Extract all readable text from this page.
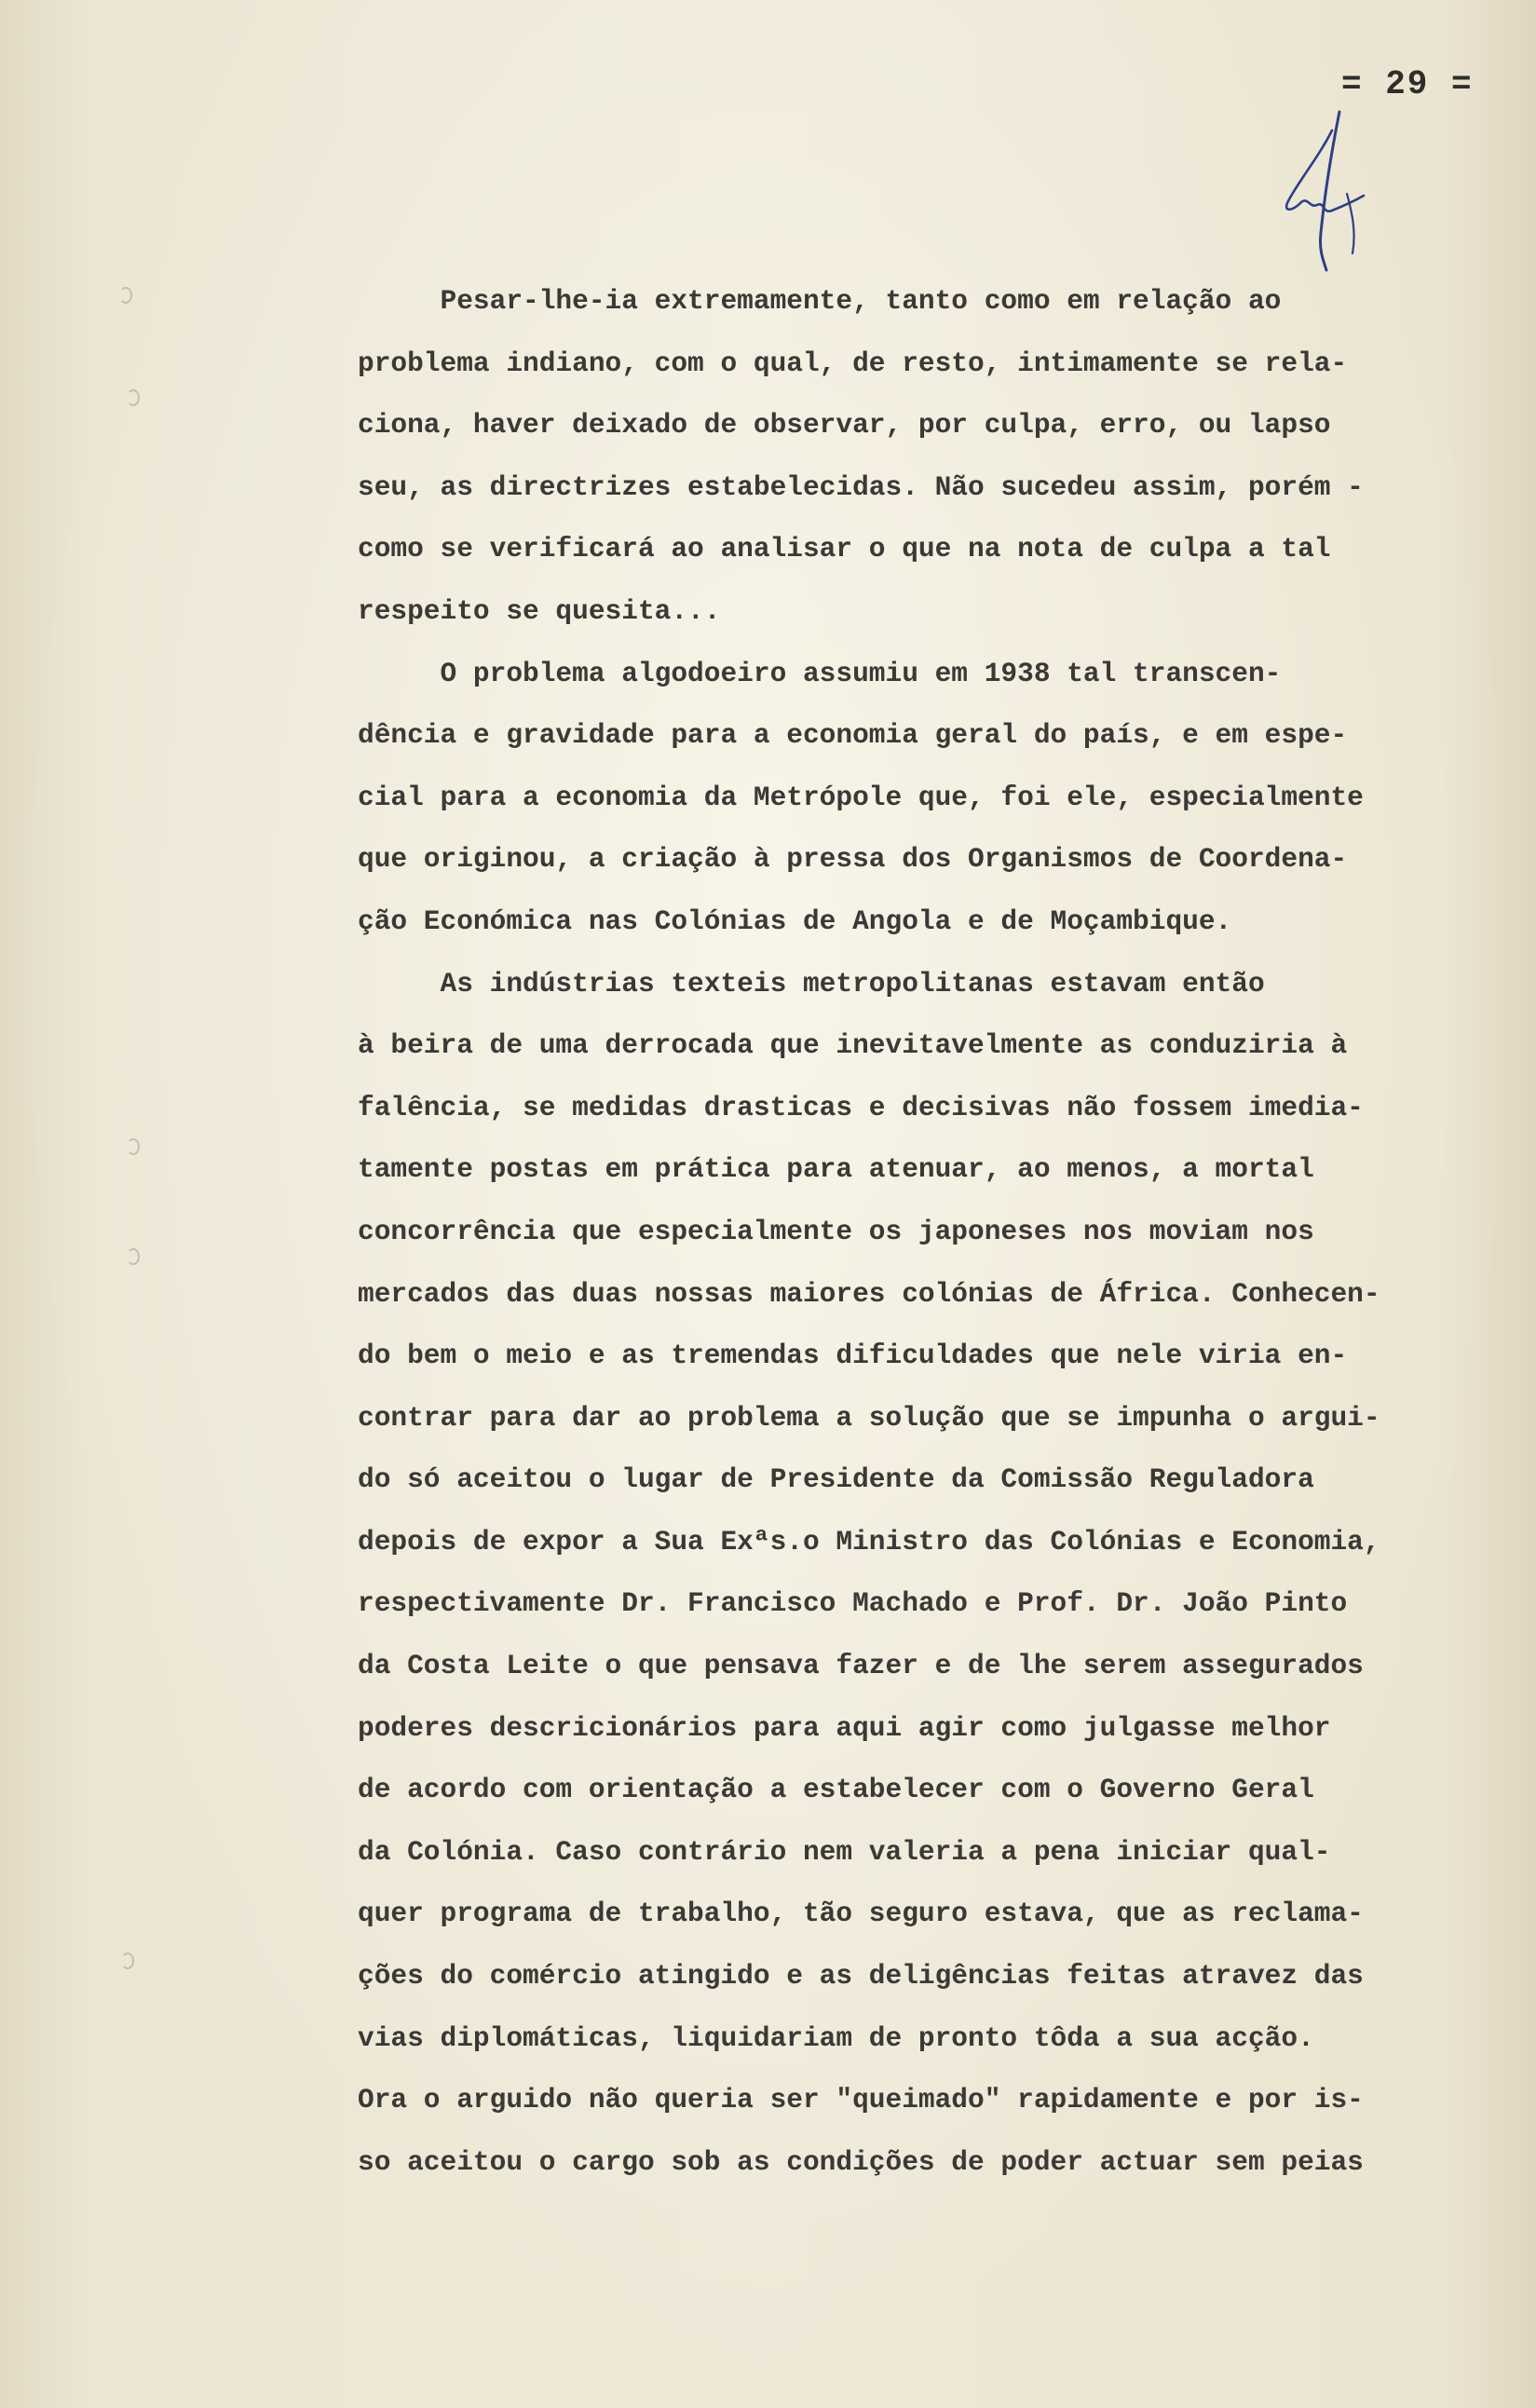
= 29 =
Pesar-lhe-ia extremamente, tanto como em relação ao
problema indiano, com o qual, de resto, intimamente se rela-
ciona, haver deixado de observar, por culpa, erro, ou lapso
seu, as directrizes estabelecidas. Não sucedeu assim, porém -
como se verificará ao analisar o que na nota de culpa a tal
respeito se quesita...
O problema algodoeiro assumiu em 1938 tal transcen-
dência e gravidade para a economia geral do país, e em espe-
cial para a economia da Metrópole que, foi ele, especialmente
que originou, a criação à pressa dos Organismos de Coordena-
ção Económica nas Colónias de Angola e de Moçambique.
As indústrias texteis metropolitanas estavam então
à beira de uma derrocada que inevitavelmente as conduziria à
falência, se medidas drasticas e decisivas não fossem imedia-
tamente postas em prática para atenuar, ao menos, a mortal
concorrência que especialmente os japoneses nos moviam nos
mercados das duas nossas maiores colónias de África. Conhecen-
do bem o meio e as tremendas dificuldades que nele viria en-
contrar para dar ao problema a solução que se impunha o argui-
do só aceitou o lugar de Presidente da Comissão Reguladora
depois de expor a Sua Exªs.o Ministro das Colónias e Economia,
respectivamente Dr. Francisco Machado e Prof. Dr. João Pinto
da Costa Leite o que pensava fazer e de lhe serem assegurados
poderes descricionários para aqui agir como julgasse melhor
de acordo com orientação a estabelecer com o Governo Geral
da Colónia. Caso contrário nem valeria a pena iniciar qual-
quer programa de trabalho, tão seguro estava, que as reclama-
ções do comércio atingido e as deligências feitas atravez das
vias diplomáticas, liquidariam de pronto tôda a sua acção.
Ora o arguido não queria ser "queimado" rapidamente e por is-
so aceitou o cargo sob as condições de poder actuar sem peias
